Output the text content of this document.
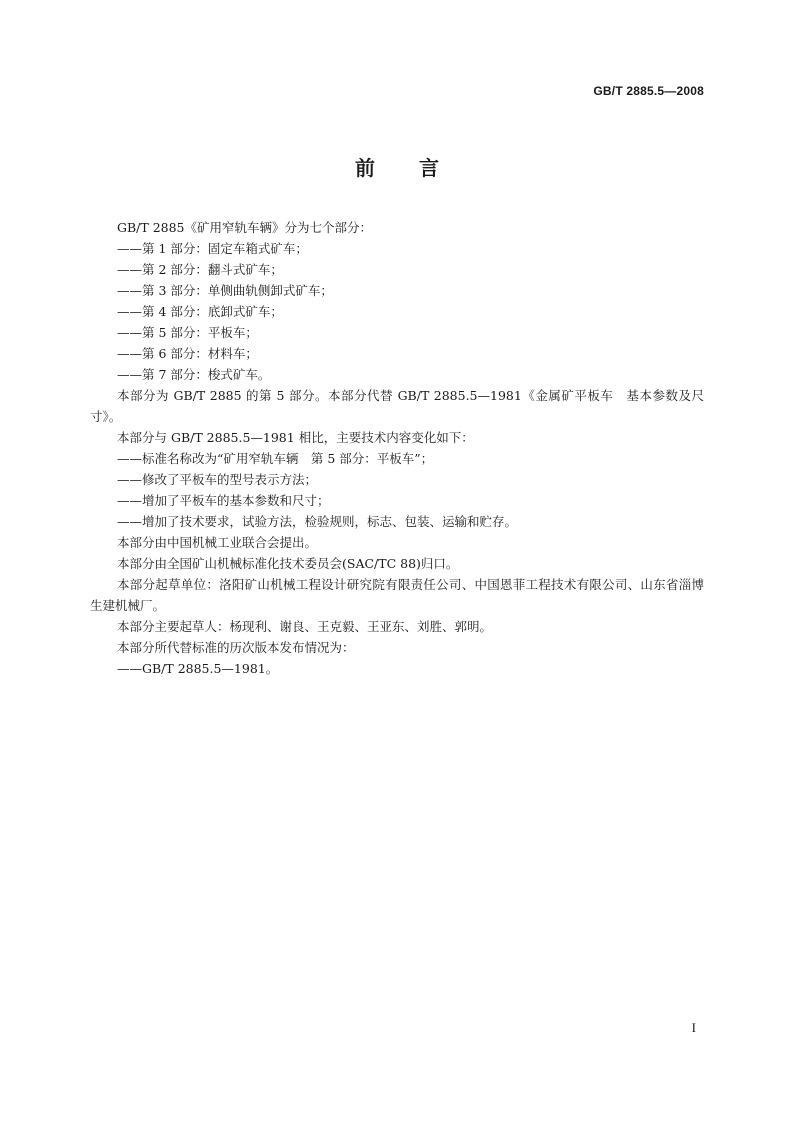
GB/T 2885.5—2008
前 言

GB/T 2885《矿用窄轨车辆》分为七个部分：

——第 1 部分：固定车箱式矿车；

——第 2 部分：翻斗式矿车；

——第 3 部分：单侧曲轨侧卸式矿车；

——第 4 部分：底卸式矿车；

——第 5 部分：平板车；

——第 6 部分：材料车；

——第 7 部分：梭式矿车。

本部分为 GB/T 2885 的第 5 部分。本部分代替 GB/T 2885.5—1981《金属矿平板车　基本参数及尺寸》。

本部分与 GB/T 2885.5—1981 相比，主要技术内容变化如下：

——标准名称改为“矿用窄轨车辆　第 5 部分：平板车”；

——修改了平板车的型号表示方法；

——增加了平板车的基本参数和尺寸；

——增加了技术要求，试验方法，检验规则，标志、包装、运输和贮存。

本部分由中国机械工业联合会提出。

本部分由全国矿山机械标准化技术委员会(SAC/TC 88)归口。

本部分起草单位：洛阳矿山机械工程设计研究院有限责任公司、中国恩菲工程技术有限公司、山东省淄博生建机械厂。

本部分主要起草人：杨现利、谢良、王克毅、王亚东、刘胜、郭明。

本部分所代替标准的历次版本发布情况为：

——GB/T 2885.5—1981。

I
